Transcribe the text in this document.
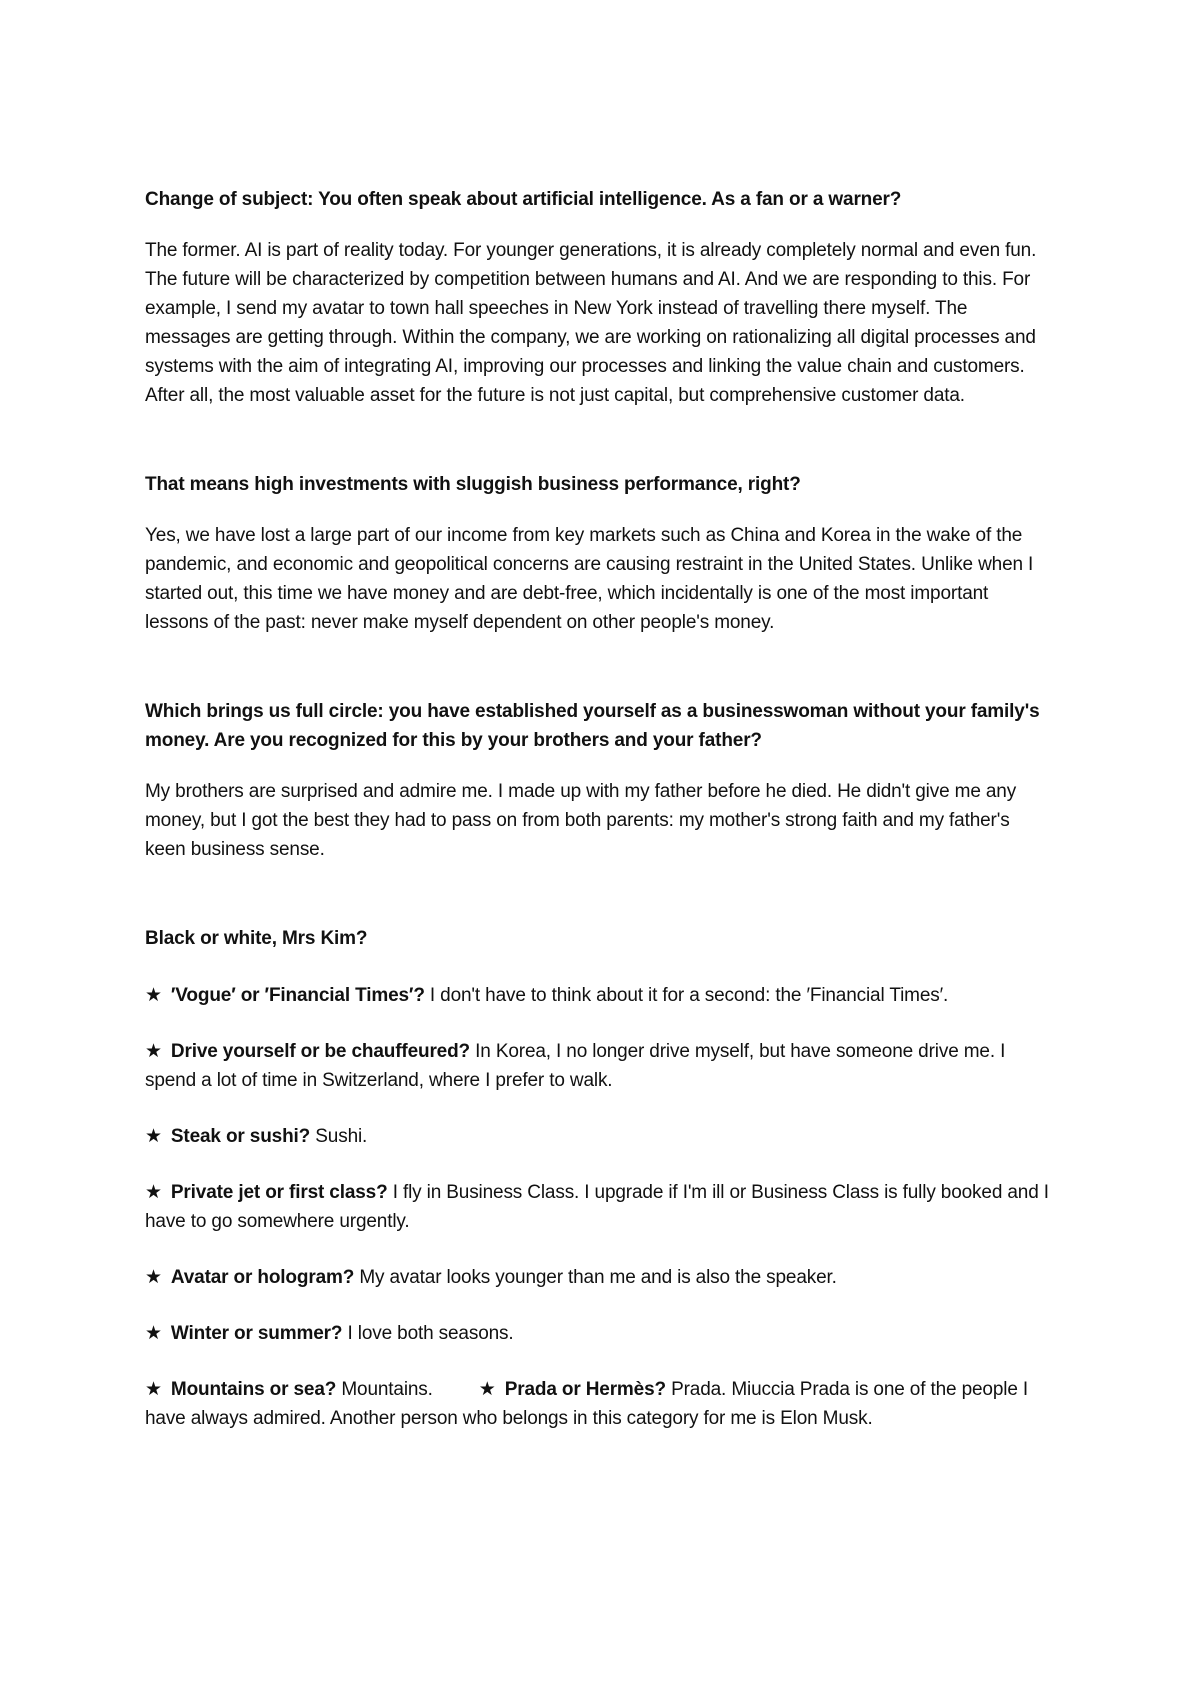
Change of subject: You often speak about artificial intelligence. As a fan or a warner?

The former. AI is part of reality today. For younger generations, it is already completely normal and even fun. The future will be characterized by competition between humans and AI. And we are responding to this. For example, I send my avatar to town hall speeches in New York instead of travelling there myself. The messages are getting through. Within the company, we are working on rationalizing all digital processes and systems with the aim of integrating AI, improving our processes and linking the value chain and customers. After all, the most valuable asset for the future is not just capital, but comprehensive customer data.

That means high investments with sluggish business performance, right?

Yes, we have lost a large part of our income from key markets such as China and Korea in the wake of the pandemic, and economic and geopolitical concerns are causing restraint in the United States. Unlike when I started out, this time we have money and are debt-free, which incidentally is one of the most important lessons of the past: never make myself dependent on other people's money.

Which brings us full circle: you have established yourself as a businesswoman without your family's money. Are you recognized for this by your brothers and your father?

My brothers are surprised and admire me. I made up with my father before he died. He didn't give me any money, but I got the best they had to pass on from both parents: my mother's strong faith and my father's keen business sense.

Black or white, Mrs Kim?

★ ′Vogue′ or ′Financial Times′? I don't have to think about it for a second: the ′Financial Times′.

★ Drive yourself or be chauffeured? In Korea, I no longer drive myself, but have someone drive me. I spend a lot of time in Switzerland, where I prefer to walk.

★ Steak or sushi? Sushi.

★ Private jet or first class? I fly in Business Class. I upgrade if I'm ill or Business Class is fully booked and I have to go somewhere urgently.

★ Avatar or hologram? My avatar looks younger than me and is also the speaker.

★ Winter or summer? I love both seasons.

★ Mountains or sea? Mountains. ★ Prada or Hermès? Prada. Miuccia Prada is one of the people I have always admired. Another person who belongs in this category for me is Elon Musk.
